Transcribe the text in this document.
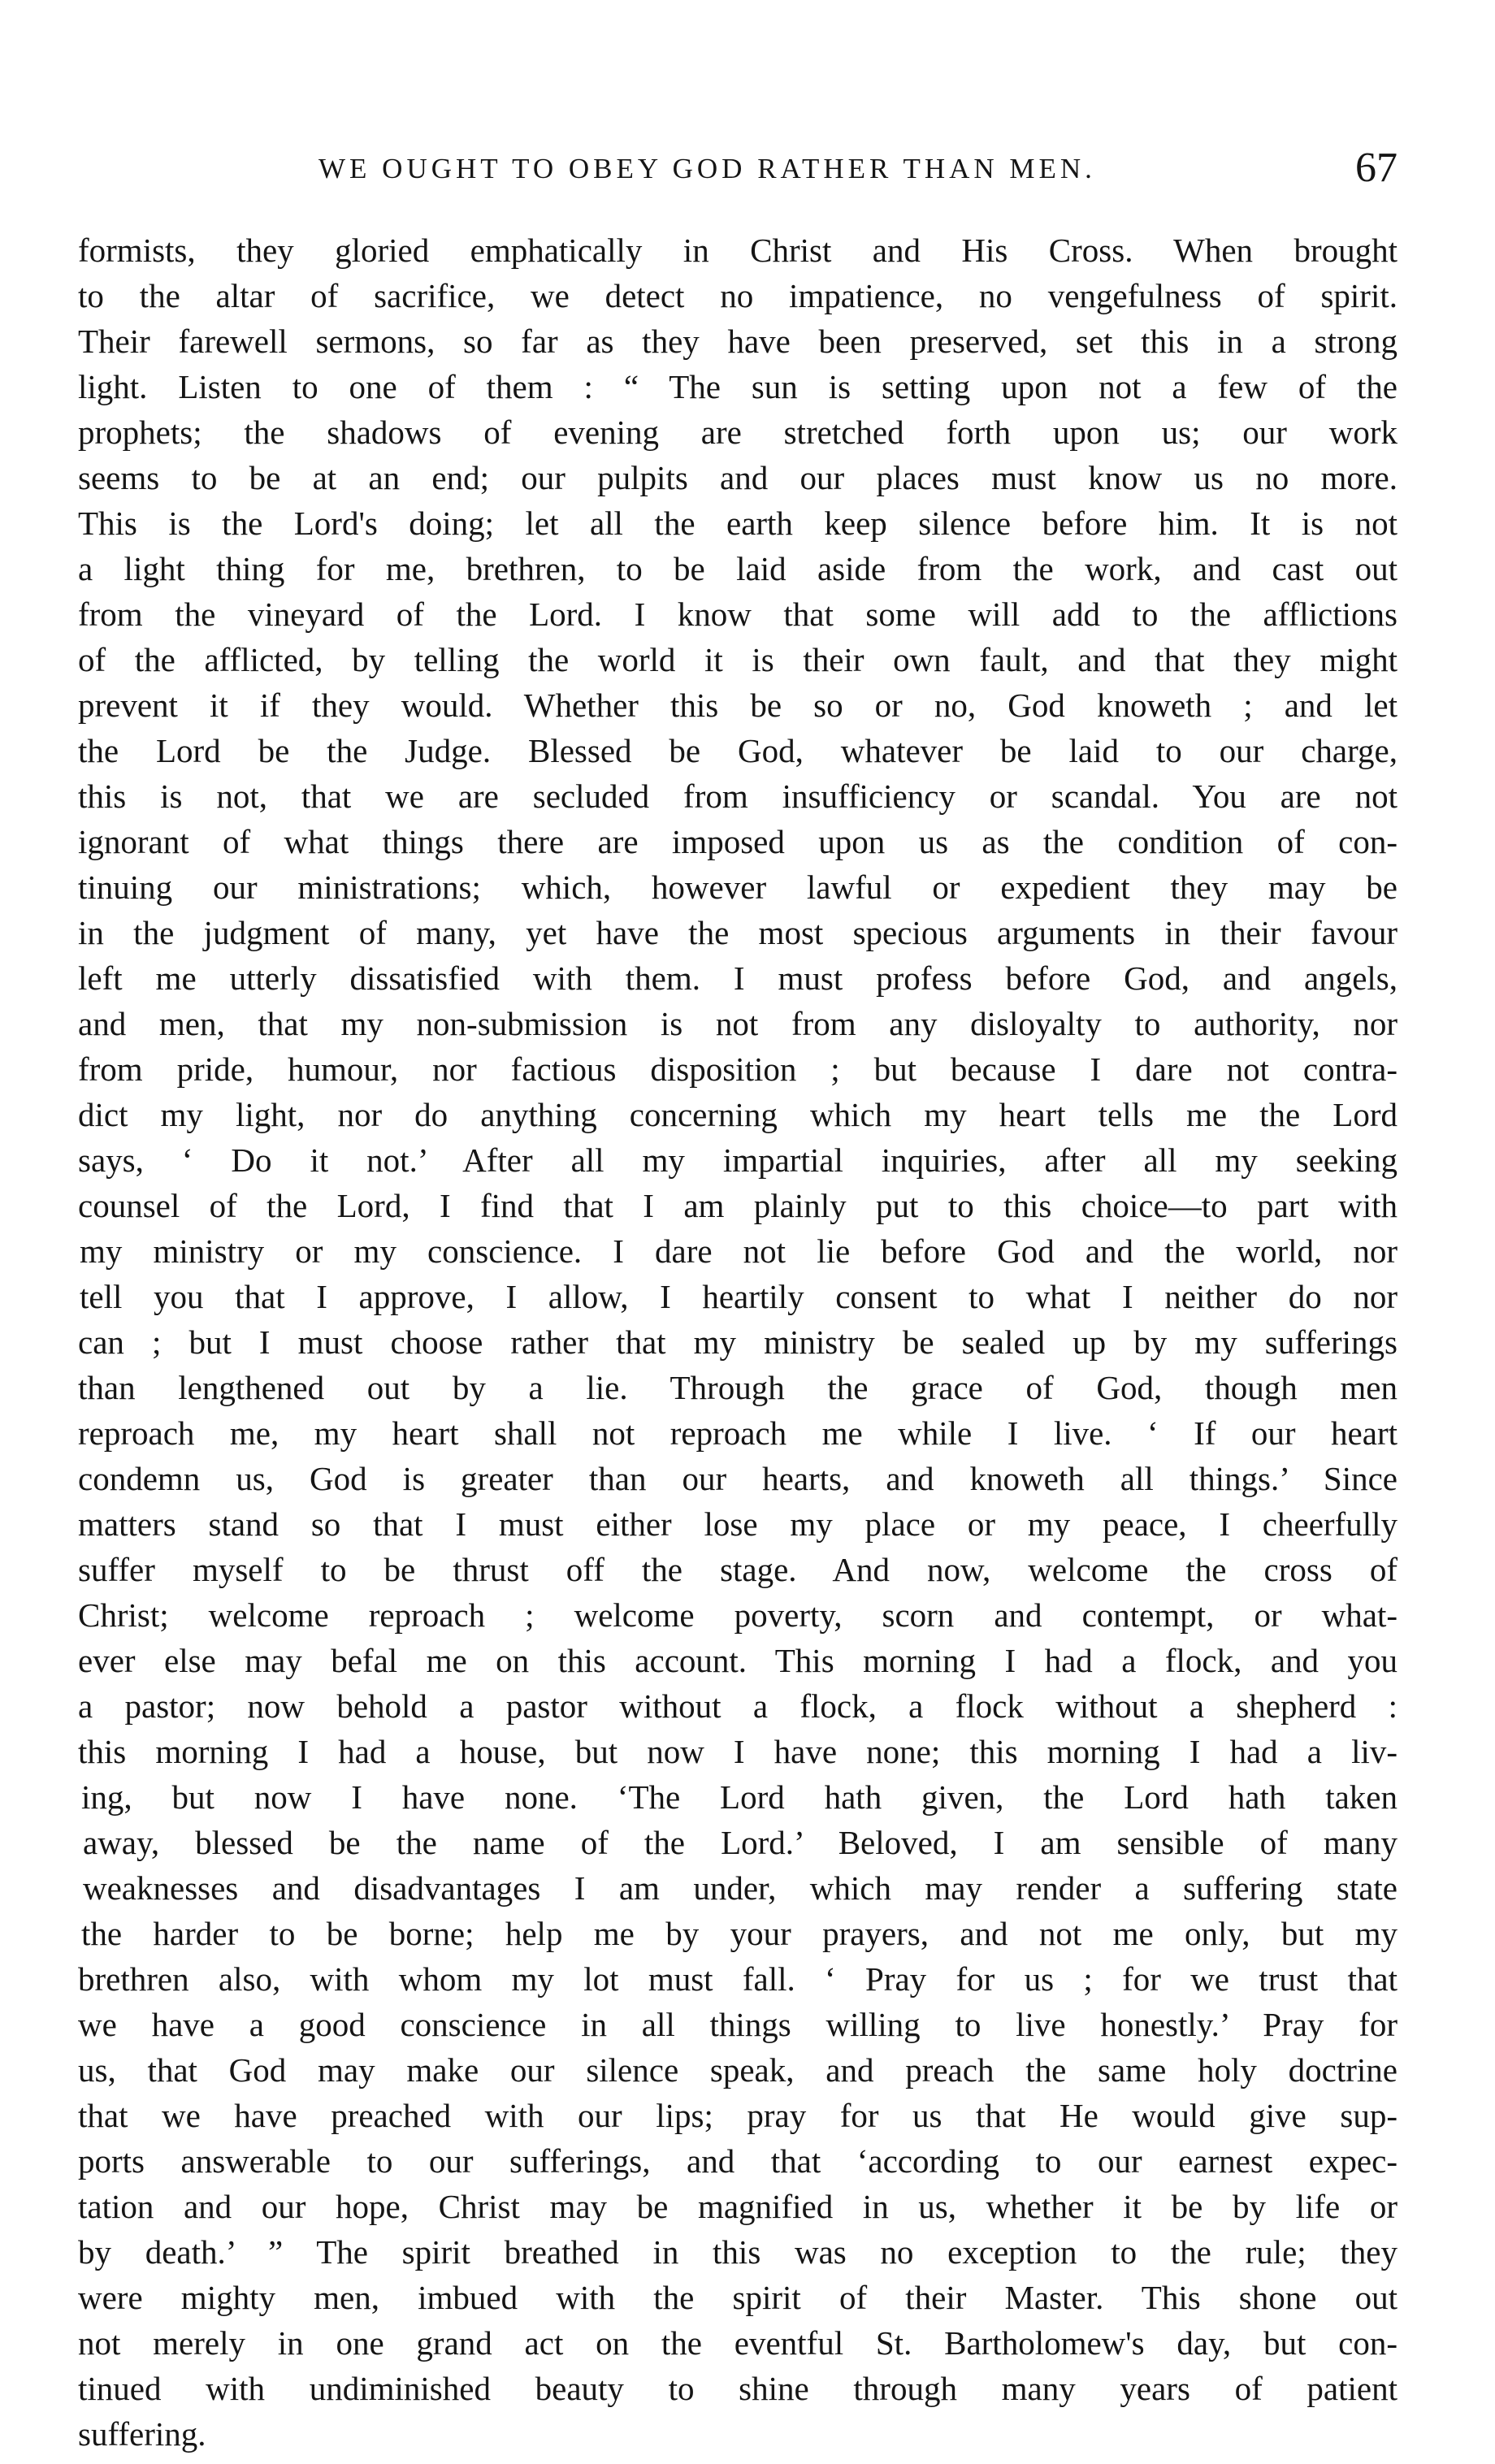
WE OUGHT TO OBEY GOD RATHER THAN MEN.	67
formists, they gloried emphatically in Christ and His Cross. When brought
to the altar of sacrifice, we detect no impatience, no vengefulness of spirit.
Their farewell sermons, so far as they have been preserved, set this in a strong
light. Listen to one of them : “ The sun is setting upon not a few of the
prophets; the shadows of evening are stretched forth upon us; our work
seems to be at an end; our pulpits and our places must know us no more.
This is the Lord's doing; let all the earth keep silence before him. It is not
a light thing for me, brethren, to be laid aside from the work, and cast out
from the vineyard of the Lord. I know that some will add to the afflictions
of the afflicted, by telling the world it is their own fault, and that they might
prevent it if they would. Whether this be so or no, God knoweth ; and let
the Lord be the Judge. Blessed be God, whatever be laid to our charge,
this is not, that we are secluded from insufficiency or scandal. You are not
ignorant of what things there are imposed upon us as the condition of con-
tinuing our ministrations; which, however lawful or expedient they may be
in the judgment of many, yet have the most specious arguments in their favour
left me utterly dissatisfied with them. I must profess before God, and angels,
and men, that my non-submission is not from any disloyalty to authority, nor
from pride, humour, nor factious disposition ; but because I dare not contra-
dict my light, nor do anything concerning which my heart tells me the Lord
says, ‘ Do it not.’ After all my impartial inquiries, after all my seeking
counsel of the Lord, I find that I am plainly put to this choice—to part with
my ministry or my conscience. I dare not lie before God and the world, nor
tell you that I approve, I allow, I heartily consent to what I neither do nor
can ; but I must choose rather that my ministry be sealed up by my sufferings
than lengthened out by a lie. Through the grace of God, though men
reproach me, my heart shall not reproach me while I live. ‘ If our heart
condemn us, God is greater than our hearts, and knoweth all things.’ Since
matters stand so that I must either lose my place or my peace, I cheerfully
suffer myself to be thrust off the stage. And now, welcome the cross of
Christ; welcome reproach ; welcome poverty, scorn and contempt, or what-
ever else may befal me on this account. This morning I had a flock, and you
a pastor; now behold a pastor without a flock, a flock without a shepherd :
this morning I had a house, but now I have none; this morning I had a liv-
ing, but now I have none. ‘The Lord hath given, the Lord hath taken
away, blessed be the name of the Lord.’ Beloved, I am sensible of many
weaknesses and disadvantages I am under, which may render a suffering state
the harder to be borne; help me by your prayers, and not me only, but my
brethren also, with whom my lot must fall. ‘ Pray for us ; for we trust that
we have a good conscience in all things willing to live honestly.’ Pray for
us, that God may make our silence speak, and preach the same holy doctrine
that we have preached with our lips; pray for us that He would give sup-
ports answerable to our sufferings, and that ‘according to our earnest expec-
tation and our hope, Christ may be magnified in us, whether it be by life or
by death.’ ” The spirit breathed in this was no exception to the rule; they
were mighty men, imbued with the spirit of their Master. This shone out
not merely in one grand act on the eventful St. Bartholomew's day, but con-
tinued with undiminished beauty to shine through many years of patient
suffering.
